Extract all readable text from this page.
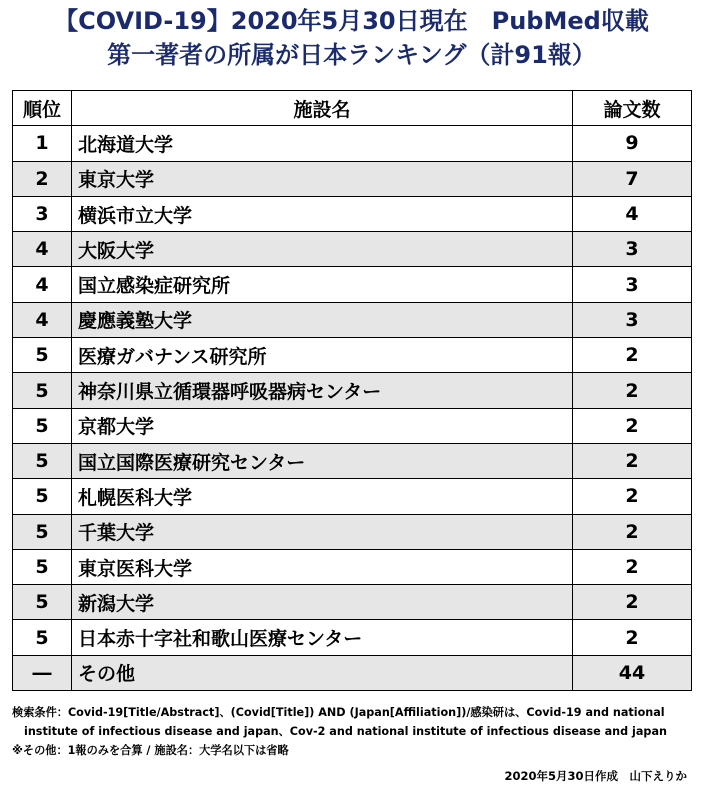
【COVID-19】2020年5月30日現在　PubMed収載
第一著者の所属が日本ランキング（計91報）
順位	施設名	論文数
1	北海道大学	9
2	東京大学	7
3	横浜市立大学	4
4	大阪大学	3
4	国立感染症研究所	3
4	慶應義塾大学	3
5	医療ガバナンス研究所	2
5	神奈川県立循環器呼吸器病センター	2
5	京都大学	2
5	国立国際医療研究センター	2
5	札幌医科大学	2
5	千葉大学	2
5	東京医科大学	2
5	新潟大学	2
5	日本赤十字社和歌山医療センター	2
―	その他	44
検索条件：Covid-19[Title/Abstract]、(Covid[Title]) AND (Japan[Affiliation])/感染研は、Covid-19 and national
institute of infectious disease and japan、Cov-2 and national institute of infectious disease and japan
※その他：1報のみを合算 / 施設名：大学名以下は省略
2020年5月30日作成　山下えりか
